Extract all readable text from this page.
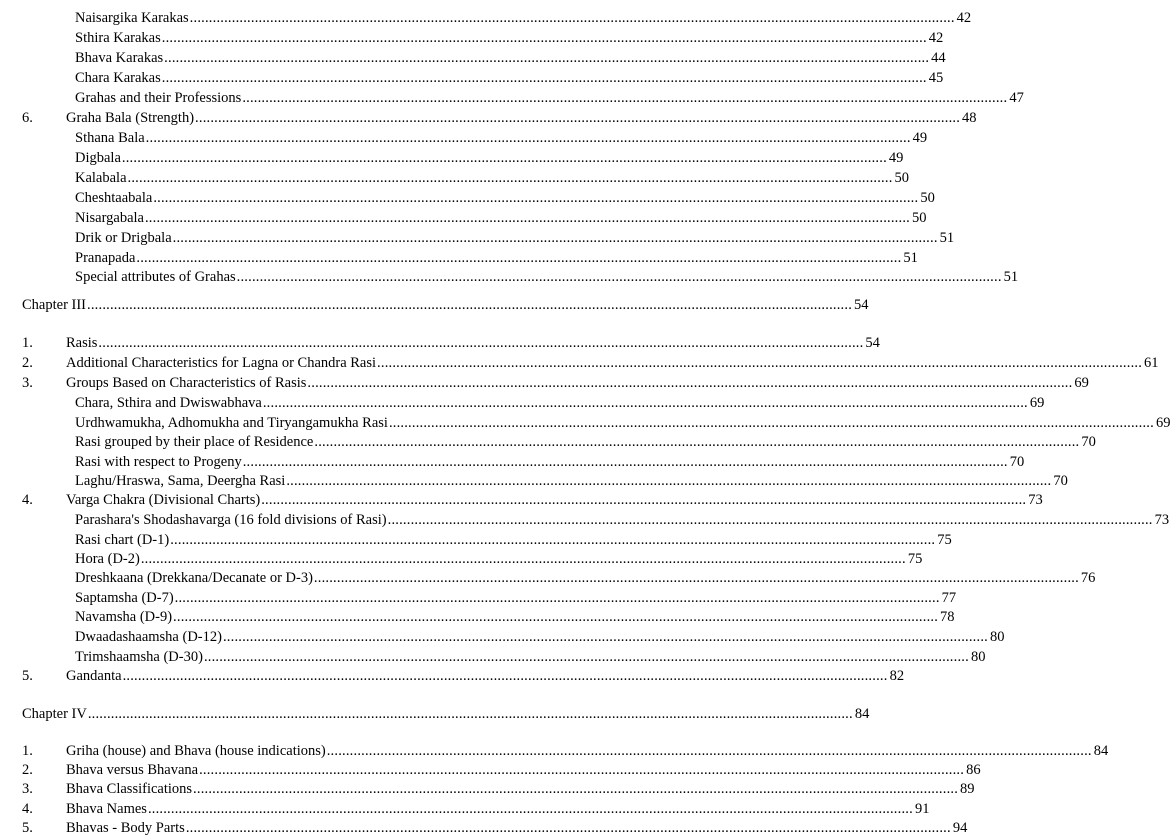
Naisargika Karakas ........................................................................................................................................................................................................ 42
Sthira Karakas ........................................................................................................................................................................................................ 42
Bhava Karakas ........................................................................................................................................................................................................ 44
Chara Karakas ........................................................................................................................................................................................................ 45
Grahas and their Professions ........................................................................................................................................................................................................ 47
6. Graha Bala (Strength) ........................................................................................................................................................................................................ 48
Sthana Bala ........................................................................................................................................................................................................ 49
Digbala ........................................................................................................................................................................................................ 49
Kalabala ........................................................................................................................................................................................................ 50
Cheshtaabala ........................................................................................................................................................................................................ 50
Nisargabala ........................................................................................................................................................................................................ 50
Drik or Drigbala ........................................................................................................................................................................................................ 51
Pranapada ........................................................................................................................................................................................................ 51
Special attributes of Grahas ........................................................................................................................................................................................................ 51
Chapter III ........................................................................................................................................................................................................ 54
1. Rasis ........................................................................................................................................................................................................ 54
2. Additional Characteristics for Lagna or Chandra Rasi ........................................................................................................................................................................................................ 61
3. Groups Based on Characteristics of Rasis ........................................................................................................................................................................................................ 69
Chara, Sthira and Dwiswabhava ........................................................................................................................................................................................................ 69
Urdhwamukha, Adhomukha and Tiryangamukha Rasi ........................................................................................................................................................................................................ 69
Rasi grouped by their place of Residence ........................................................................................................................................................................................................ 70
Rasi with respect to Progeny ........................................................................................................................................................................................................ 70
Laghu/Hraswa, Sama, Deergha Rasi ........................................................................................................................................................................................................ 70
4. Varga Chakra (Divisional Charts) ........................................................................................................................................................................................................ 73
Parashara's Shodashavarga (16 fold divisions of Rasi) ........................................................................................................................................................................................................ 73
Rasi chart (D-1) ........................................................................................................................................................................................................ 75
Hora (D-2) ........................................................................................................................................................................................................ 75
Dreshkaana (Drekkana/Decanate or D-3) ........................................................................................................................................................................................................ 76
Saptamsha (D-7) ........................................................................................................................................................................................................ 77
Navamsha (D-9) ........................................................................................................................................................................................................ 78
Dwaadashaamsha (D-12) ........................................................................................................................................................................................................ 80
Trimshaamsha (D-30) ........................................................................................................................................................................................................ 80
5. Gandanta ........................................................................................................................................................................................................ 82
Chapter IV ........................................................................................................................................................................................................ 84
1. Griha (house) and Bhava (house indications) ........................................................................................................................................................................................................ 84
2. Bhava versus Bhavana ........................................................................................................................................................................................................ 86
3. Bhava Classifications ........................................................................................................................................................................................................ 89
4. Bhava Names ........................................................................................................................................................................................................ 91
5. Bhavas - Body Parts ........................................................................................................................................................................................................ 94
